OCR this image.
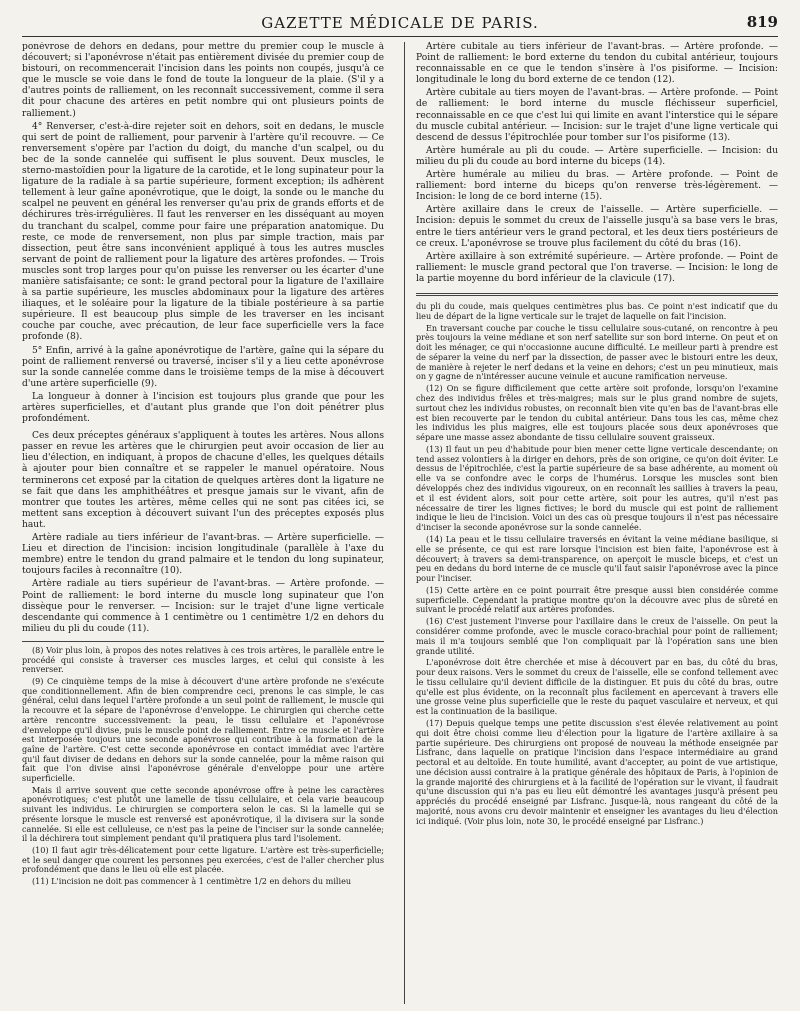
GAZETTE MÉDICALE DE PARIS.	819

ponévrose de dehors en dedans, pour mettre du premier coup le muscle à découvert; si l'aponévrose n'était pas entièrement divisée du premier coup de bistouri, on recommencerait l'incision dans les points non coupés, jusqu'à ce que le muscle se voie dans le fond de toute la longueur de la plaie. (S'il y a d'autres points de ralliement, on les reconnaît successivement, comme il sera dit pour chacune des artères en petit nombre qui ont plusieurs points de ralliement.)

4° Renverser, c'est-à-dire rejeter soit en dehors, soit en dedans, le muscle qui sert de point de ralliement, pour parvenir à l'artère qu'il recouvre. — Ce renversement s'opère par l'action du doigt, du manche d'un scalpel, ou du bec de la sonde cannelée qui suffisent le plus souvent. Deux muscles, le sterno-mastoïdien pour la ligature de la carotide, et le long supinateur pour la ligature de la radiale à sa partie supérieure, forment exception; ils adhèrent tellement à leur gaîne aponévrotique, que le doigt, la sonde ou le manche du scalpel ne peuvent en général les renverser qu'au prix de grands efforts et de déchirures très-irrégulières. Il faut les renverser en les disséquant au moyen du tranchant du scalpel, comme pour faire une préparation anatomique. Du reste, ce mode de renversement, non plus par simple traction, mais par dissection, peut être sans inconvénient appliqué à tous les autres muscles servant de point de ralliement pour la ligature des artères profondes. — Trois muscles sont trop larges pour qu'on puisse les renverser ou les écarter d'une manière satisfaisante; ce sont: le grand pectoral pour la ligature de l'axillaire à sa partie supérieure, les muscles abdominaux pour la ligature des artères iliaques, et le soléaire pour la ligature de la tibiale postérieure à sa partie supérieure. Il est beaucoup plus simple de les traverser en les incisant couche par couche, avec précaution, de leur face superficielle vers la face profonde (8).

5° Enfin, arrivé à la gaîne aponévrotique de l'artère, gaîne qui la sépare du point de ralliement renversé ou traversé, inciser s'il y a lieu cette aponévrose sur la sonde cannelée comme dans le troisième temps de la mise à découvert d'une artère superficielle (9).

La longueur à donner à l'incision est toujours plus grande que pour les artères superficielles, et d'autant plus grande que l'on doit pénétrer plus profondément.

Ces deux préceptes généraux s'appliquent à toutes les artères. Nous allons passer en revue les artères que le chirurgien peut avoir occasion de lier au lieu d'élection, en indiquant, à propos de chacune d'elles, les quelques détails à ajouter pour bien connaître et se rappeler le manuel opératoire. Nous terminerons cet exposé par la citation de quelques artères dont la ligature ne se fait que dans les amphithéâtres et presque jamais sur le vivant, afin de montrer que toutes les artères, même celles qui ne sont pas citées ici, se mettent sans exception à découvert suivant l'un des préceptes exposés plus haut.

Artère radiale au tiers inférieur de l'avant-bras. — Artère superficielle. — Lieu et direction de l'incision: incision longitudinale (parallèle à l'axe du membre) entre le tendon du grand palmaire et le tendon du long supinateur, toujours faciles à reconnaître (10).

Artère radiale au tiers supérieur de l'avant-bras. — Artère profonde. — Point de ralliement: le bord interne du muscle long supinateur que l'on dissèque pour le renverser. — Incision: sur le trajet d'une ligne verticale descendante qui commence à 1 centimètre ou 1 centimètre 1/2 en dehors du milieu du pli du coude (11).

(8) Voir plus loin, à propos des notes relatives à ces trois artères, le parallèle entre le procédé qui consiste à traverser ces muscles larges, et celui qui consiste à les renverser.

(9) Ce cinquième temps de la mise à découvert d'une artère profonde ne s'exécute que conditionnellement. Afin de bien comprendre ceci, prenons le cas simple, le cas général, celui dans lequel l'artère profonde a un seul point de ralliement, le muscle qui la recouvre et la sépare de l'aponévrose d'enveloppe. Le chirurgien qui cherche cette artère rencontre successivement: la peau, le tissu cellulaire et l'aponévrose d'enveloppe qu'il divise, puis le muscle point de ralliement. Entre ce muscle et l'artère est interposée toujours une seconde aponévrose qui contribue à la formation de la gaîne de l'artère. C'est cette seconde aponévrose en contact immédiat avec l'artère qu'il faut diviser de dedans en dehors sur la sonde cannelée, pour la même raison qui fait que l'on divise ainsi l'aponévrose générale d'enveloppe pour une artère superficielle.

Mais il arrive souvent que cette seconde aponévrose offre à peine les caractères aponévrotiques; c'est plutôt une lamelle de tissu cellulaire, et cela varie beaucoup suivant les individus. Le chirurgien se comportera selon le cas. Si la lamelle qui se présente lorsque le muscle est renversé est aponévrotique, il la divisera sur la sonde cannelée. Si elle est celluleuse, ce n'est pas la peine de l'inciser sur la sonde cannelée; il la déchirera tout simplement pendant qu'il pratiquera plus tard l'isolement.

(10) Il faut agir très-délicatement pour cette ligature. L'artère est très-superficielle; et le seul danger que courent les personnes peu exercées, c'est de l'aller chercher plus profondément que dans le lieu où elle est placée.

(11) L'incision ne doit pas commencer à 1 centimètre 1/2 en dehors du milieu

Artère cubitale au tiers inférieur de l'avant-bras. — Artère profonde. — Point de ralliement: le bord externe du tendon du cubital antérieur, toujours reconnaissable en ce que le tendon s'insère à l'os pisiforme. — Incision: longitudinale le long du bord externe de ce tendon (12).

Artère cubitale au tiers moyen de l'avant-bras. — Artère profonde. — Point de ralliement: le bord interne du muscle fléchisseur superficiel, reconnaissable en ce que c'est lui qui limite en avant l'interstice qui le sépare du muscle cubital antérieur. — Incision: sur le trajet d'une ligne verticale qui descend de dessus l'épitrochlée pour tomber sur l'os pisiforme (13).

Artère humérale au pli du coude. — Artère superficielle. — Incision: du milieu du pli du coude au bord interne du biceps (14).

Artère humérale au milieu du bras. — Artère profonde. — Point de ralliement: bord interne du biceps qu'on renverse très-légèrement. — Incision: le long de ce bord interne (15).

Artère axillaire dans le creux de l'aisselle. — Artère superficielle. — Incision: depuis le sommet du creux de l'aisselle jusqu'à sa base vers le bras, entre le tiers antérieur vers le grand pectoral, et les deux tiers postérieurs de ce creux. L'aponévrose se trouve plus facilement du côté du bras (16).

Artère axillaire à son extrémité supérieure. — Artère profonde. — Point de ralliement: le muscle grand pectoral que l'on traverse. — Incision: le long de la partie moyenne du bord inférieur de la clavicule (17).

du pli du coude, mais quelques centimètres plus bas. Ce point n'est indicatif que du lieu de départ de la ligne verticale sur le trajet de laquelle on fait l'incision.

En traversant couche par couche le tissu cellulaire sous-cutané, on rencontre à peu près toujours la veine médiane et son nerf satellite sur son bord interne. On peut et on doit les ménager, ce qui n'occasionne aucune difficulté. Le meilleur parti à prendre est de séparer la veine du nerf par la dissection, de passer avec le bistouri entre les deux, de manière à rejeter le nerf dedans et la veine en dehors; c'est un peu minutieux, mais on y gagne de n'intéresser aucune veinule et aucune ramification nerveuse.

(12) On se figure difficilement que cette artère soit profonde, lorsqu'on l'examine chez des individus frêles et très-maigres; mais sur le plus grand nombre de sujets, surtout chez les individus robustes, on reconnaît bien vite qu'en bas de l'avant-bras elle est bien recouverte par le tendon du cubital antérieur. Dans tous les cas, même chez les individus les plus maigres, elle est toujours placée sous deux aponévroses que sépare une masse assez abondante de tissu cellulaire souvent graisseux.

(13) Il faut un peu d'habitude pour bien mener cette ligne verticale descendante; on tend assez volontiers à la diriger en dehors, près de son origine, ce qu'on doit éviter. Le dessus de l'épitrochlée, c'est la partie supérieure de sa base adhérente, au moment où elle va se confondre avec le corps de l'humérus. Lorsque les muscles sont bien développés chez des individus vigoureux, on en reconnaît les saillies à travers la peau, et il est évident alors, soit pour cette artère, soit pour les autres, qu'il n'est pas nécessaire de tirer les lignes fictives; le bord du muscle qui est point de ralliement indique le lieu de l'incision. Voici un des cas où presque toujours il n'est pas nécessaire d'inciser la seconde aponévrose sur la sonde cannelée.

(14) La peau et le tissu cellulaire traversés en évitant la veine médiane basilique, si elle se présente, ce qui est rare lorsque l'incision est bien faite, l'aponévrose est à découvert; à travers sa demi-transparence, on aperçoit le muscle biceps, et c'est un peu en dedans du bord interne de ce muscle qu'il faut saisir l'aponévrose avec la pince pour l'inciser.

(15) Cette artère en ce point pourrait être presque aussi bien considérée comme superficielle. Cependant la pratique montre qu'on la découvre avec plus de sûreté en suivant le procédé relatif aux artères profondes.

(16) C'est justement l'inverse pour l'axillaire dans le creux de l'aisselle. On peut la considérer comme profonde, avec le muscle coraco-brachial pour point de ralliement; mais il m'a toujours semblé que l'on compliquait par là l'opération sans une bien grande utilité.

L'aponévrose doit être cherchée et mise à découvert par en bas, du côté du bras, pour deux raisons. Vers le sommet du creux de l'aisselle, elle se confond tellement avec le tissu cellulaire qu'il devient difficile de la distinguer. Et puis du côté du bras, outre qu'elle est plus évidente, on la reconnaît plus facilement en apercevant à travers elle une grosse veine plus superficielle que le reste du paquet vasculaire et nerveux, et qui est la continuation de la basilique.

(17) Depuis quelque temps une petite discussion s'est élevée relativement au point qui doit être choisi comme lieu d'élection pour la ligature de l'artère axillaire à sa partie supérieure. Des chirurgiens ont proposé de nouveau la méthode enseignée par Lisfranc, dans laquelle on pratique l'incision dans l'espace intermédiaire au grand pectoral et au deltoïde. En toute humilité, avant d'accepter, au point de vue artistique, une décision aussi contraire à la pratique générale des hôpitaux de Paris, à l'opinion de la grande majorité des chirurgiens et à la facilité de l'opération sur le vivant, il faudrait qu'une discussion qui n'a pas eu lieu eût démontré les avantages jusqu'à présent peu appréciés du procédé enseigné par Lisfranc. Jusque-là, nous rangeant du côté de la majorité, nous avons cru devoir maintenir et enseigner les avantages du lieu d'élection ici indiqué. (Voir plus loin, note 30, le procédé enseigné par Lisfranc.)
